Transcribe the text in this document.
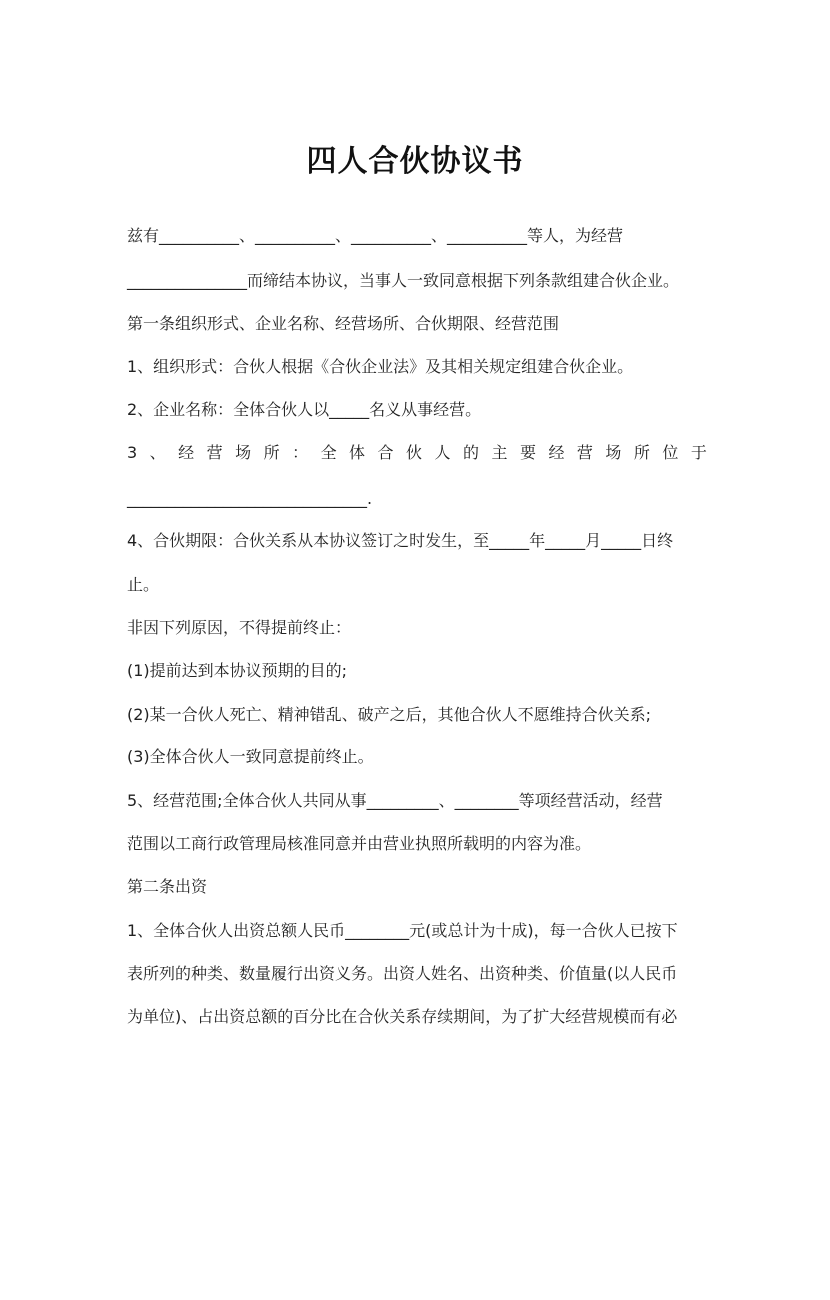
四人合伙协议书
兹有__________、__________、__________、__________等人，为经营
_______________而缔结本协议，当事人一致同意根据下列条款组建合伙企业。
第一条组织形式、企业名称、经营场所、合伙期限、经营范围
1、组织形式：合伙人根据《合伙企业法》及其相关规定组建合伙企业。
2、企业名称：全体合伙人以_____名义从事经营。
3 、 经 营 场 所 ： 全 体 合 伙 人 的 主 要 经 营 场 所 位 于
______________________________.
4、合伙期限：合伙关系从本协议签订之时发生，至_____年_____月_____日终
止。
非因下列原因，不得提前终止：
(1)提前达到本协议预期的目的;
(2)某一合伙人死亡、精神错乱、破产之后，其他合伙人不愿维持合伙关系;
(3)全体合伙人一致同意提前终止。
5、经营范围;全体合伙人共同从事_________、________等项经营活动，经营
范围以工商行政管理局核准同意并由营业执照所载明的内容为准。
第二条出资
1、全体合伙人出资总额人民币________元(或总计为十成)，每一合伙人已按下
表所列的种类、数量履行出资义务。出资人姓名、出资种类、价值量(以人民币
为单位)、占出资总额的百分比在合伙关系存续期间，为了扩大经营规模而有必
